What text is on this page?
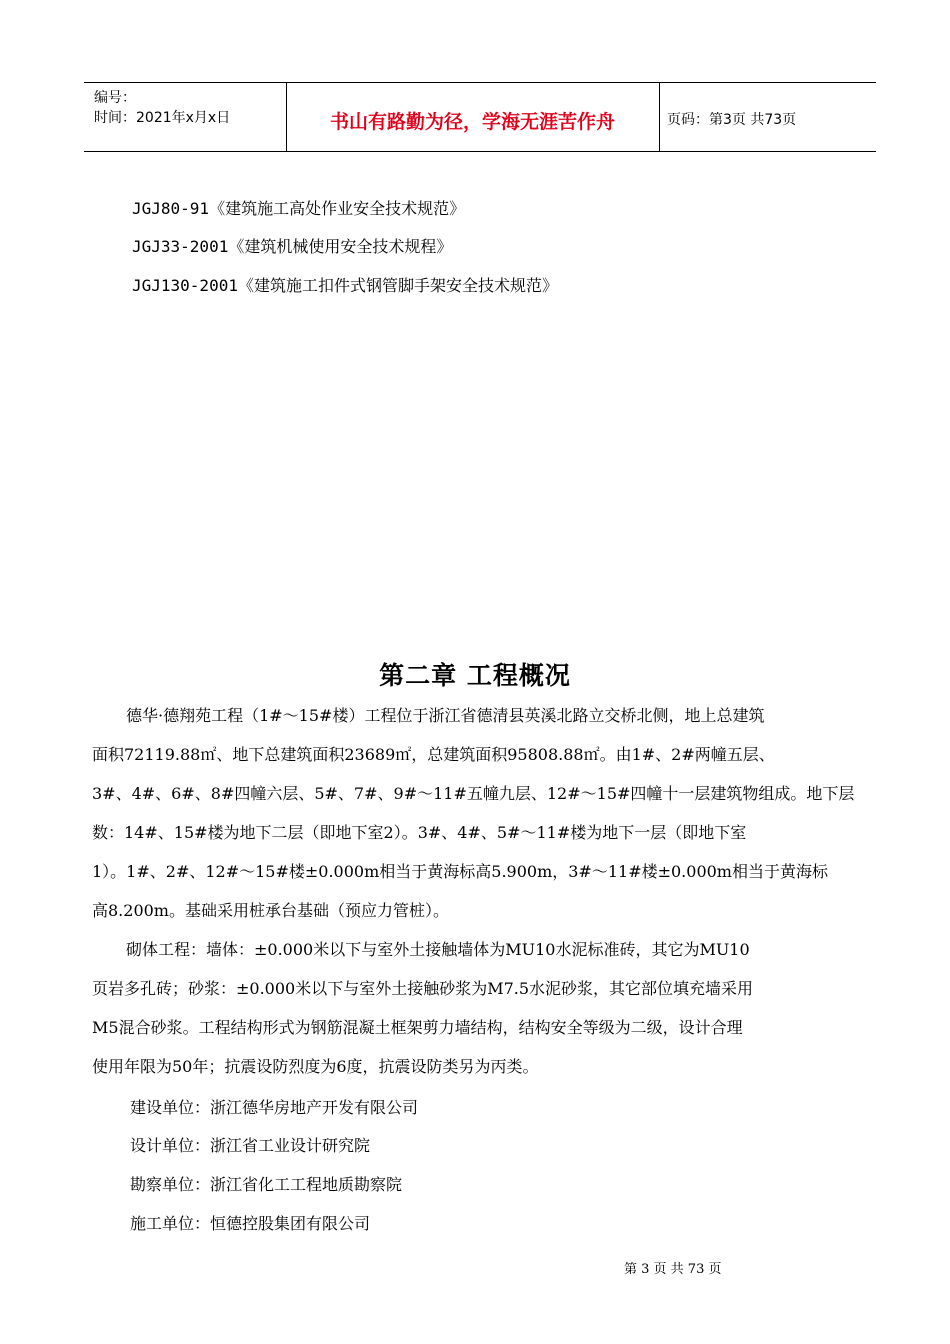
编号：
时间：2021年x月x日	书山有路勤为径，学海无涯苦作舟	页码：第3页 共73页
JGJ80-91《建筑施工高处作业安全技术规范》
JGJ33-2001《建筑机械使用安全技术规程》
JGJ130-2001《建筑施工扣件式钢管脚手架安全技术规范》
第二章 工程概况
德华·德翔苑工程（1#～15#楼）工程位于浙江省德清县英溪北路立交桥北侧，地上总建筑
面积72119.88㎡、地下总建筑面积23689㎡，总建筑面积95808.88㎡。由1#、2#两幢五层、
3#、4#、6#、8#四幢六层、5#、7#、9#～11#五幢九层、12#～15#四幢十一层建筑物组成。地下层
数：14#、15#楼为地下二层（即地下室2）。3#、4#、5#～11#楼为地下一层（即地下室
1）。1#、2#、12#～15#楼±0.000m相当于黄海标高5.900m，3#～11#楼±0.000m相当于黄海标
高8.200m。基础采用桩承台基础（预应力管桩）。
砌体工程：墙体：±0.000米以下与室外土接触墙体为MU10水泥标准砖，其它为MU10
页岩多孔砖；砂浆：±0.000米以下与室外土接触砂浆为M7.5水泥砂浆，其它部位填充墙采用
M5混合砂浆。工程结构形式为钢筋混凝土框架剪力墙结构，结构安全等级为二级，设计合理
使用年限为50年；抗震设防烈度为6度，抗震设防类另为丙类。
建设单位：浙江德华房地产开发有限公司
设计单位：浙江省工业设计研究院
勘察单位：浙江省化工工程地质勘察院
施工单位：恒德控股集团有限公司
第 3 页 共 73 页
